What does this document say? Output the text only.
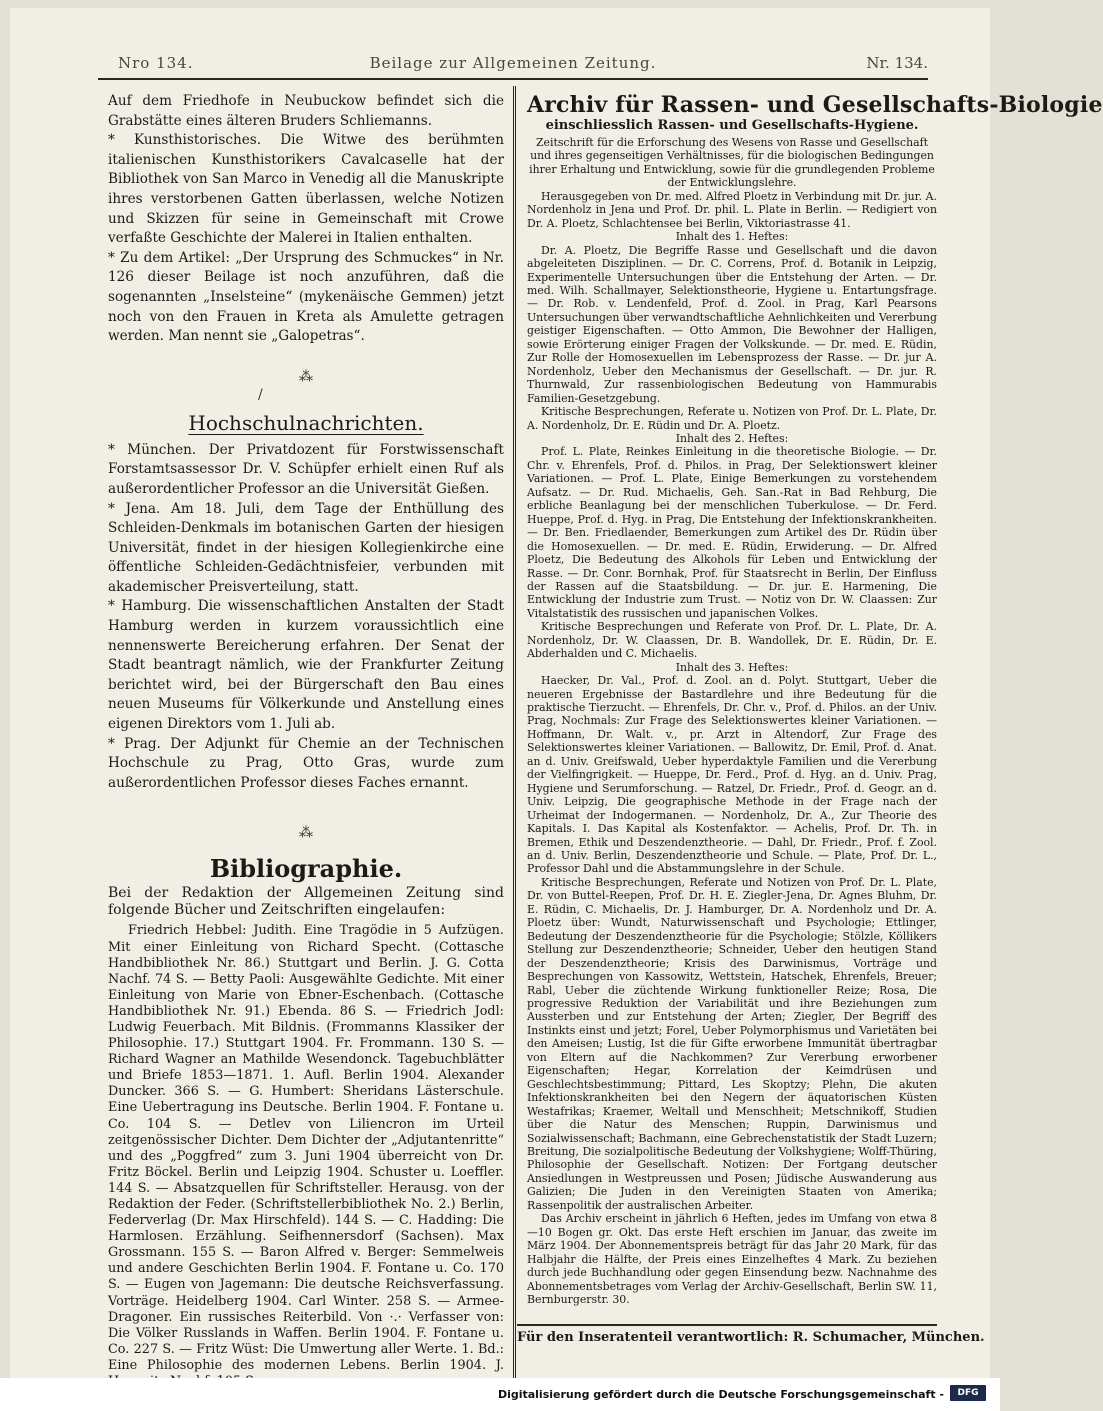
Nro 134.	Beilage zur Allgemeinen Zeitung.	Nr. 134.

Auf dem Friedhofe in Neubuckow befindet sich die Grabstätte eines älteren Bruders Schliemanns.

* Kunsthistorisches. Die Witwe des berühmten italienischen Kunsthistorikers Cavalcaselle hat der Bibliothek von San Marco in Venedig all die Manuskripte ihres verstorbenen Gatten überlassen, welche Notizen und Skizzen für seine in Gemeinschaft mit Crowe verfaßte Geschichte der Malerei in Italien enthalten.

* Zu dem Artikel: „Der Ursprung des Schmuckes“ in Nr. 126 dieser Beilage ist noch anzuführen, daß die sogenannten „Inselsteine“ (mykenäische Gemmen) jetzt noch von den Frauen in Kreta als Amulette getragen werden. Man nennt sie „Galopetras“.

⁂
/
Hochschulnachrichten.

* München. Der Privatdozent für Forstwissenschaft Forstamtsassessor Dr. V. Schüpfer erhielt einen Ruf als außerordentlicher Professor an die Universität Gießen.

* Jena. Am 18. Juli, dem Tage der Enthüllung des Schleiden-Denkmals im botanischen Garten der hiesigen Universität, findet in der hiesigen Kollegienkirche eine öffentliche Schleiden-Gedächtnisfeier, verbunden mit akademischer Preisverteilung, statt.

* Hamburg. Die wissenschaftlichen Anstalten der Stadt Hamburg werden in kurzem voraussichtlich eine nennenswerte Bereicherung erfahren. Der Senat der Stadt beantragt nämlich, wie der Frankfurter Zeitung berichtet wird, bei der Bürgerschaft den Bau eines neuen Museums für Völkerkunde und Anstellung eines eigenen Direktors vom 1. Juli ab.

* Prag. Der Adjunkt für Chemie an der Technischen Hochschule zu Prag, Otto Gras, wurde zum außerordentlichen Professor dieses Faches ernannt.

⁂
Bibliographie.

Bei der Redaktion der Allgemeinen Zeitung sind folgende Bücher und Zeitschriften eingelaufen:

Friedrich Hebbel: Judith. Eine Tragödie in 5 Aufzügen. Mit einer Einleitung von Richard Specht. (Cottasche Handbibliothek Nr. 86.) Stuttgart und Berlin. J. G. Cotta Nachf. 74 S. — Betty Paoli: Ausgewählte Gedichte. Mit einer Einleitung von Marie von Ebner-Eschenbach. (Cottasche Handbibliothek Nr. 91.) Ebenda. 86 S. — Friedrich Jodl: Ludwig Feuerbach. Mit Bildnis. (Frommanns Klassiker der Philosophie. 17.) Stuttgart 1904. Fr. Frommann. 130 S. — Richard Wagner an Mathilde Wesendonck. Tagebuchblätter und Briefe 1853—1871. 1. Aufl. Berlin 1904. Alexander Duncker. 366 S. — G. Humbert: Sheridans Lästerschule. Eine Uebertragung ins Deutsche. Berlin 1904. F. Fontane u. Co. 104 S. — Detlev von Liliencron im Urteil zeitgenössischer Dichter. Dem Dichter der „Adjutantenritte“ und des „Poggfred“ zum 3. Juni 1904 überreicht von Dr. Fritz Böckel. Berlin und Leipzig 1904. Schuster u. Loeffler. 144 S. — Absatzquellen für Schriftsteller. Herausg. von der Redaktion der Feder. (Schriftstellerbibliothek No. 2.) Berlin, Federverlag (Dr. Max Hirschfeld). 144 S. — C. Hadding: Die Harmlosen. Erzählung. Seifhennersdorf (Sachsen). Max Grossmann. 155 S. — Baron Alfred v. Berger: Semmelweis und andere Geschichten Berlin 1904. F. Fontane u. Co. 170 S. — Eugen von Jagemann: Die deutsche Reichsverfassung. Vorträge. Heidelberg 1904. Carl Winter. 258 S. — Armee-Dragoner. Ein russisches Reiterbild. Von ·.· Verfasser von: Die Völker Russlands in Waffen. Berlin 1904. F. Fontane u. Co. 227 S. — Fritz Wüst: Die Umwertung aller Werte. 1. Bd.: Eine Philosophie des modernen Lebens. Berlin 1904. J.

Archiv für Rassen- und Gesellschafts-Biologie
einschliesslich Rassen- und Gesellschafts-Hygiene.

Zeitschrift für die Erforschung des Wesens von Rasse und Gesellschaft und ihres gegenseitigen Verhältnisses, für die biologischen Bedingungen ihrer Erhaltung und Entwicklung, sowie für die grundlegenden Probleme der Entwicklungslehre.

Herausgegeben von Dr. med. Alfred Ploetz in Verbindung mit Dr. jur. A. Nordenholz in Jena und Prof. Dr. phil. L. Plate in Berlin. — Redigiert von Dr. A. Ploetz, Schlachtensee bei Berlin, Viktoriastrasse 41.

Inhalt des 1. Heftes:

Dr. A. Ploetz, Die Begriffe Rasse und Gesellschaft und die davon abgeleiteten Disziplinen. — Dr. C. Correns, Prof. d. Botanik in Leipzig, Experimentelle Untersuchungen über die Entstehung der Arten. — Dr. med. Wilh. Schallmayer, Selektionstheorie, Hygiene u. Entartungsfrage. — Dr. Rob. v. Lendenfeld, Prof. d. Zool. in Prag, Karl Pearsons Untersuchungen über verwandtschaftliche Aehnlichkeiten und Vererbung geistiger Eigenschaften. — Otto Ammon, Die Bewohner der Halligen, sowie Erörterung einiger Fragen der Volkskunde. — Dr. med. E. Rüdin, Zur Rolle der Homosexuellen im Lebensprozess der Rasse. — Dr. jur A. Nordenholz, Ueber den Mechanismus der Gesellschaft. — Dr. jur. R. Thurnwald, Zur rassenbiologischen Bedeutung von Hammurabis Familien-Gesetzgebung.

Kritische Besprechungen, Referate u. Notizen von Prof. Dr. L. Plate, Dr. A. Nordenholz, Dr. E. Rüdin und Dr. A. Ploetz.

Inhalt des 2. Heftes:

Prof. L. Plate, Reinkes Einleitung in die theoretische Biologie. — Dr. Chr. v. Ehrenfels, Prof. d. Philos. in Prag, Der Selektionswert kleiner Variationen. — Prof. L. Plate, Einige Bemerkungen zu vorstehendem Aufsatz. — Dr. Rud. Michaelis, Geh. San.-Rat in Bad Rehburg, Die erbliche Beanlagung bei der menschlichen Tuberkulose. — Dr. Ferd. Hueppe, Prof. d. Hyg. in Prag, Die Entstehung der Infektionskrankheiten. — Dr. Ben. Friedlaender, Bemerkungen zum Artikel des Dr. Rüdin über die Homosexuellen. — Dr. med. E. Rüdin, Erwiderung. — Dr. Alfred Ploetz, Die Bedeutung des Alkohols für Leben und Entwicklung der Rasse. — Dr. Conr. Bornhak, Prof. für Staatsrecht in Berlin, Der Einfluss der Rassen auf die Staatsbildung. — Dr. jur. E. Harmening, Die Entwicklung der Industrie zum Trust. — Notiz von Dr. W. Claassen: Zur Vitalstatistik des russischen und japanischen Volkes.

Kritische Besprechungen und Referate von Prof. Dr. L. Plate, Dr. A. Nordenholz, Dr. W. Claassen, Dr. B. Wandollek, Dr. E. Rüdin, Dr. E. Abderhalden und C. Michaelis.

Inhalt des 3. Heftes:

Haecker, Dr. Val., Prof. d. Zool. an d. Polyt. Stuttgart, Ueber die neueren Ergebnisse der Bastardlehre und ihre Bedeutung für die praktische Tierzucht. — Ehrenfels, Dr. Chr. v., Prof. d. Philos. an der Univ. Prag, Nochmals: Zur Frage des Selektionswertes kleiner Variationen. — Hoffmann, Dr. Walt. v., pr. Arzt in Altendorf, Zur Frage des Selektionswertes kleiner Variationen. — Ballowitz, Dr. Emil, Prof. d. Anat. an d. Univ. Greifswald, Ueber hyperdaktyle Familien und die Vererbung der Vielfingrigkeit. — Hueppe, Dr. Ferd., Prof. d. Hyg. an d. Univ. Prag, Hygiene und Serumforschung. — Ratzel, Dr. Friedr., Prof. d. Geogr. an d. Univ. Leipzig, Die geographische Methode in der Frage nach der Urheimat der Indogermanen. — Nordenholz, Dr. A., Zur Theorie des Kapitals. I. Das Kapital als Kostenfaktor. — Achelis, Prof. Dr. Th. in Bremen, Ethik und Deszendenztheorie. — Dahl, Dr. Friedr., Prof. f. Zool. an d. Univ. Berlin, Deszendenztheorie und Schule. — Plate, Prof. Dr. L., Professor Dahl und die Abstammungslehre in der Schule.

Kritische Besprechungen, Referate und Notizen von Prof. Dr. L. Plate, Dr. von Buttel-Reepen, Prof. Dr. H. E. Ziegler-Jena, Dr. Agnes Bluhm, Dr. E. Rüdin, C. Michaelis, Dr. J. Hamburger, Dr. A. Nordenholz und Dr. A. Ploetz über: Wundt, Naturwissenschaft und Psychologie; Ettlinger, Bedeutung der Deszendenztheorie für die Psychologie; Stölzle, Köllikers Stellung zur Deszendenztheorie; Schneider, Ueber den heutigen Stand der Deszendenztheorie; Krisis des Darwinismus, Vorträge und Besprechungen von Kassowitz, Wettstein, Hatschek, Ehrenfels, Breuer; Rabl, Ueber die züchtende Wirkung funktioneller Reize; Rosa, Die progressive Reduktion der Variabilität und ihre Beziehungen zum Aussterben und zur Entstehung der Arten; Ziegler, Der Begriff des Instinkts einst und jetzt; Forel, Ueber Polymorphismus und Varietäten bei den Ameisen; Lustig, Ist die für Gifte erworbene Immunität übertragbar von Eltern auf die Nachkommen? Zur Vererbung erworbener Eigenschaften; Hegar, Korrelation der Keimdrüsen und Geschlechtsbestimmung; Pittard, Les Skoptzy; Plehn, Die akuten Infektionskrankheiten bei den Negern der äquatorischen Küsten Westafrikas; Kraemer, Weltall und Menschheit; Metschnikoff, Studien über die Natur des Menschen; Ruppin, Darwinismus und Sozialwissenschaft; Bachmann, eine Gebrechenstatistik der Stadt Luzern; Breitung, Die sozialpolitische Bedeutung der Volkshygiene; Wolff-Thüring, Philosophie der Gesellschaft. Notizen: Der Fortgang deutscher Ansiedlungen in Westpreussen und Posen; Jüdische Auswanderung aus Galizien; Die Juden in den Vereinigten Staaten von Amerika; Rassenpolitik der australischen Arbeiter.

Das Archiv erscheint in jährlich 6 Heften, jedes im Umfang von etwa 8—10 Bogen gr. Okt. Das erste Heft erschien im Januar, das zweite im März 1904. Der Abonnementspreis beträgt für das Jahr 20 Mark, für das Halbjahr die Hälfte, der Preis eines Einzelheftes 4 Mark. Zu beziehen durch jede Buchhandlung oder gegen Einsendung bezw. Nachnahme des Abonnementsbetrages vom Verlag der Archiv-Gesellschaft, Berlin SW. 11, Bernburgerstr. 30.

Für den Inseratenteil verantwortlich: R. Schumacher, München.
Digitalisierung gefördert durch die Deutsche Forschungsgemeinschaft -	DFG
